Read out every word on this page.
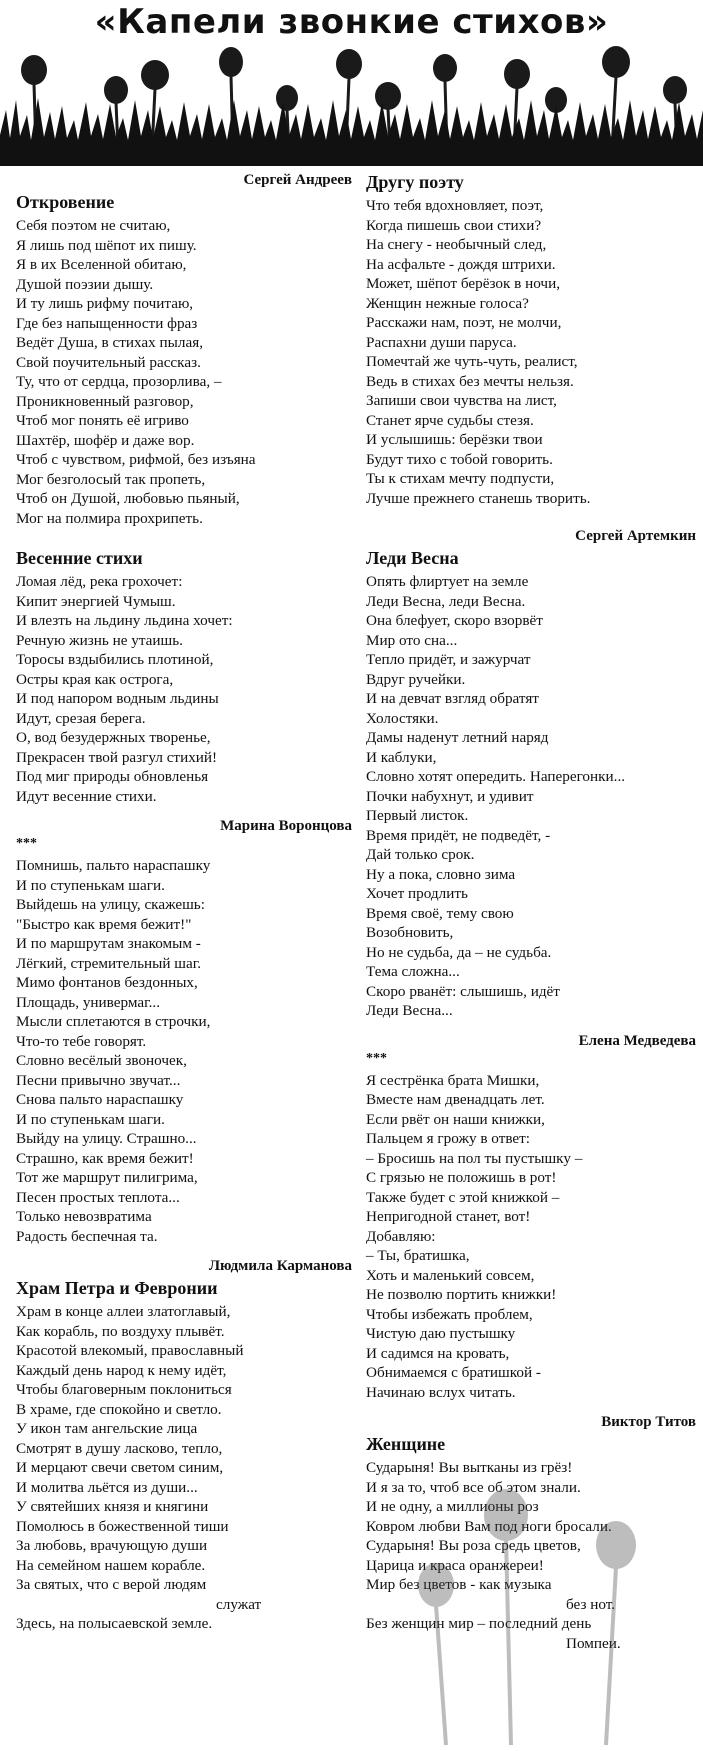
«Капели звонкие стихов»
Сергей Андреев
Откровение
Себя поэтом не считаю,
Я лишь под шёпот их пишу.
Я в их Вселенной обитаю,
Душой поэзии дышу.
И ту лишь рифму почитаю,
Где без напыщенности фраз
Ведёт Душа, в стихах пылая,
Свой поучительный рассказ.
Ту, что от сердца, прозорлива, –
Проникновенный разговор,
Чтоб мог понять её игриво
Шахтёр, шофёр и даже вор.
Чтоб с чувством, рифмой, без изъяна
Мог безголосый так пропеть,
Чтоб он Душой, любовью пьяный,
Мог на полмира прохрипеть.
Весенние стихи
Ломая лёд, река грохочет:
Кипит энергией Чумыш.
И влезть на льдину льдина хочет:
Речную жизнь не утаишь.
Торосы вздыбились плотиной,
Остры края как острога,
И под напором водным льдины
Идут, срезая берега.
О, вод безудержных творенье,
Прекрасен твой разгул стихий!
Под миг природы обновленья
Идут весенние стихи.
Марина Воронцова
***
Помнишь, пальто нараспашку
И по ступенькам шаги.
Выйдешь на улицу, скажешь:
"Быстро как время бежит!"
И по маршрутам знакомым -
Лёгкий, стремительный шаг.
Мимо фонтанов бездонных,
Площадь, универмаг...
Мысли сплетаются в строчки,
Что-то тебе говорят.
Словно весёлый звоночек,
Песни привычно звучат...
Снова пальто нараспашку
И по ступенькам шаги.
Выйду на улицу. Страшно...
Страшно, как время бежит!
Тот же маршрут пилигрима,
Песен простых теплота...
Только невозвратима
Радость беспечная та.
Людмила Карманова
Храм Петра и Февронии
Храм в конце аллеи златоглавый,
Как корабль, по воздуху плывёт.
Красотой влекомый, православный
Каждый день народ к нему идёт,
Чтобы благоверным поклониться
В храме, где спокойно и светло.
У икон там ангельские лица
Смотрят в душу ласково, тепло,
И мерцают свечи светом синим,
И молитва льётся из души...
У святейших князя и княгини
Помолюсь в божественной тиши
За любовь, врачующую души
На семейном нашем корабле.
За святых, что с верой людям
служат
Здесь, на полысаевской земле.
Другу поэту
Что тебя вдохновляет, поэт,
Когда пишешь свои стихи?
На снегу - необычный след,
На асфальте - дождя штрихи.
Может, шёпот берёзок в ночи,
Женщин нежные голоса?
Расскажи нам, поэт, не молчи,
Распахни души паруса.
Помечтай же чуть-чуть, реалист,
Ведь в стихах без мечты нельзя.
Запиши свои чувства на лист,
Станет ярче судьбы стезя.
И услышишь: берёзки твои
Будут тихо с тобой говорить.
Ты к стихам мечту подпусти,
Лучше прежнего станешь творить.
Сергей Артемкин
Леди Весна
Опять флиртует на земле
Леди Весна, леди Весна.
Она блефует, скоро взорвёт
Мир ото сна...
Тепло придёт, и зажурчат
Вдруг ручейки.
И на девчат взгляд обратят
Холостяки.
Дамы наденут летний наряд
И каблуки,
Словно хотят опередить. Наперегонки...
Почки набухнут, и удивит
Первый листок.
Время придёт, не подведёт, -
Дай только срок.
Ну а пока, словно зима
Хочет продлить
Время своё, тему свою
Возобновить,
Но не судьба, да – не судьба.
Тема сложна...
Скоро рванёт: слышишь, идёт
Леди Весна...
Елена Медведева
***
Я сестрёнка брата Мишки,
Вместе нам двенадцать лет.
Если рвёт он наши книжки,
Пальцем я грожу в ответ:
– Бросишь на пол ты пустышку –
С грязью не положишь в рот!
Также будет с этой книжкой –
Непригодной станет, вот!
Добавляю:
– Ты, братишка,
Хоть и маленький совсем,
Не позволю портить книжки!
Чтобы избежать проблем,
Чистую даю пустышку
И садимся на кровать,
Обнимаемся с братишкой -
Начинаю вслух читать.
Виктор Титов
Женщине
Сударыня! Вы вытканы из грёз!
И я за то, чтоб все об этом знали.
И не одну, а миллионы роз
Ковром любви Вам под ноги бросали.
Сударыня! Вы роза средь цветов,
Царица и краса оранжереи!
Мир без цветов - как музыка
без нот.
Без женщин мир – последний день
Помпеи.
